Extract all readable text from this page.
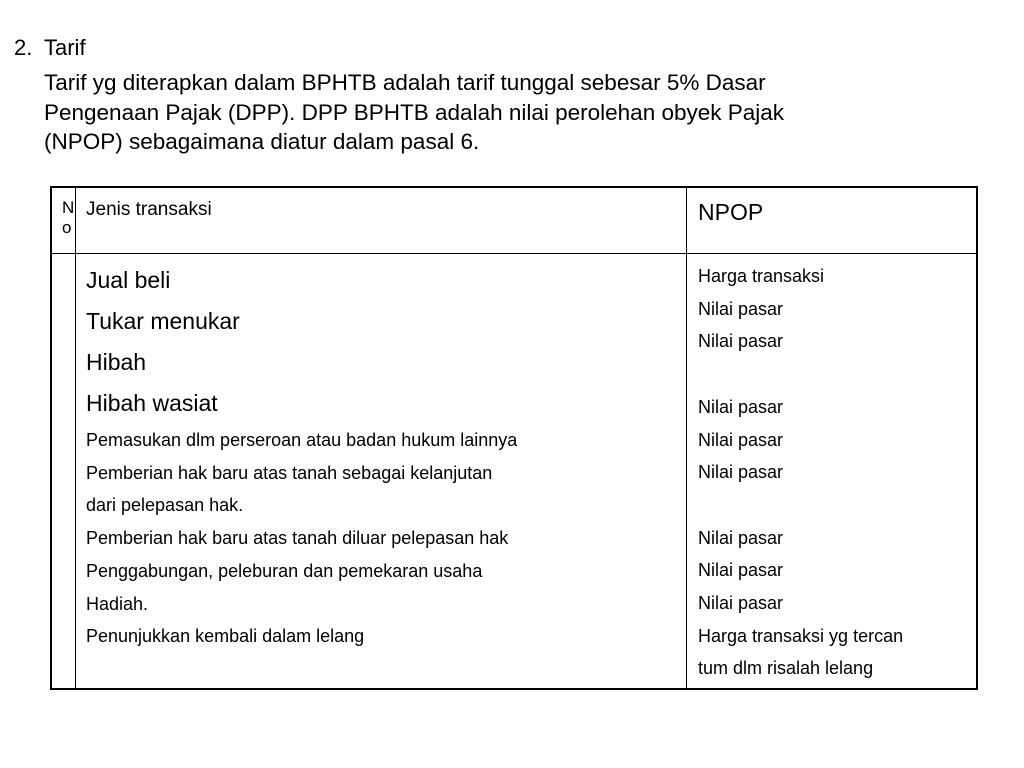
2. Tarif

Tarif yg diterapkan dalam BPHTB adalah tarif tunggal sebesar 5% Dasar
Pengenaan Pajak (DPP). DPP BPHTB adalah nilai perolehan obyek Pajak
(NPOP) sebagaimana diatur dalam pasal 6.
No
Jenis transaksi	NPOP
Jual beli
Tukar menukar
Hibah
Hibah wasiat
Pemasukan dlm perseroan atau badan hukum lainnya
Pemberian hak baru atas tanah sebagai kelanjutan
dari pelepasan hak.
Pemberian hak baru atas tanah diluar pelepasan hak
Penggabungan, peleburan dan pemekaran usaha
Hadiah.
Penunjukkan kembali dalam lelang
Harga transaksi
Nilai pasar
Nilai pasar
Nilai pasar
Nilai pasar
Nilai pasar
Nilai pasar
Nilai pasar
Nilai pasar
Harga transaksi yg tercan
tum dlm risalah lelang
